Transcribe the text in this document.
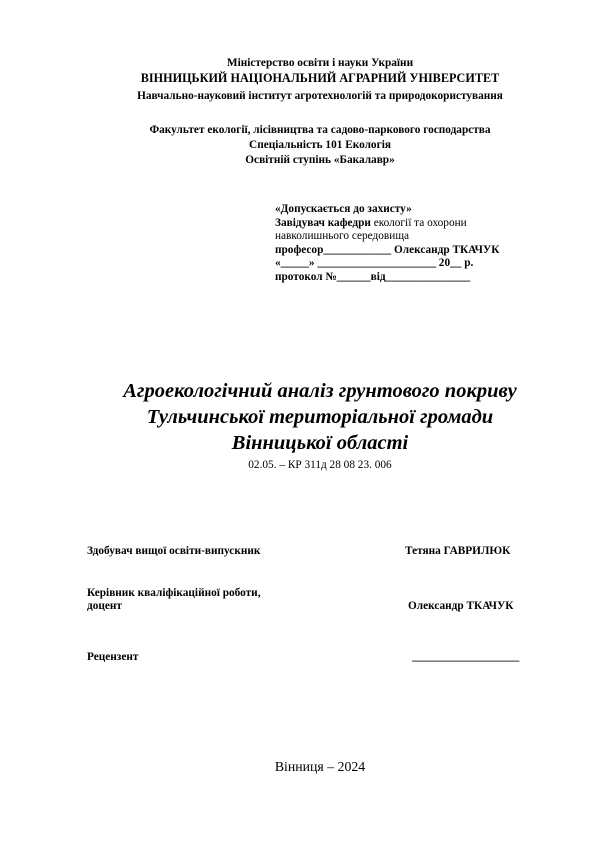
Міністерство освіти і науки України
ВІННИЦЬКИЙ НАЦІОНАЛЬНИЙ АГРАРНИЙ УНІВЕРСИТЕТ
Навчально-науковий інститут агротехнологій та природокористування
Факультет екології, лісівництва та садово-паркового господарства
Спеціальність 101 Екологія
Освітній ступінь «Бакалавр»
«Допускається до захисту»
Завідувач кафедри екології та охорони
навколишнього середовища
професор____________ Олександр ТКАЧУК
«_____» _____________________ 20__ р.
протокол №______від_______________
Агроекологічний аналіз грунтового покриву
Тульчинської територіальної громади
Вінницької області
02.05. – КР 311д 28 08 23. 006
Здобувач вищої освіти-випускник	Тетяна ГАВРИЛЮК
Керівник кваліфікаційної роботи,
доцент	Олександр ТКАЧУК
Рецензент	___________________
Вінниця – 2024
